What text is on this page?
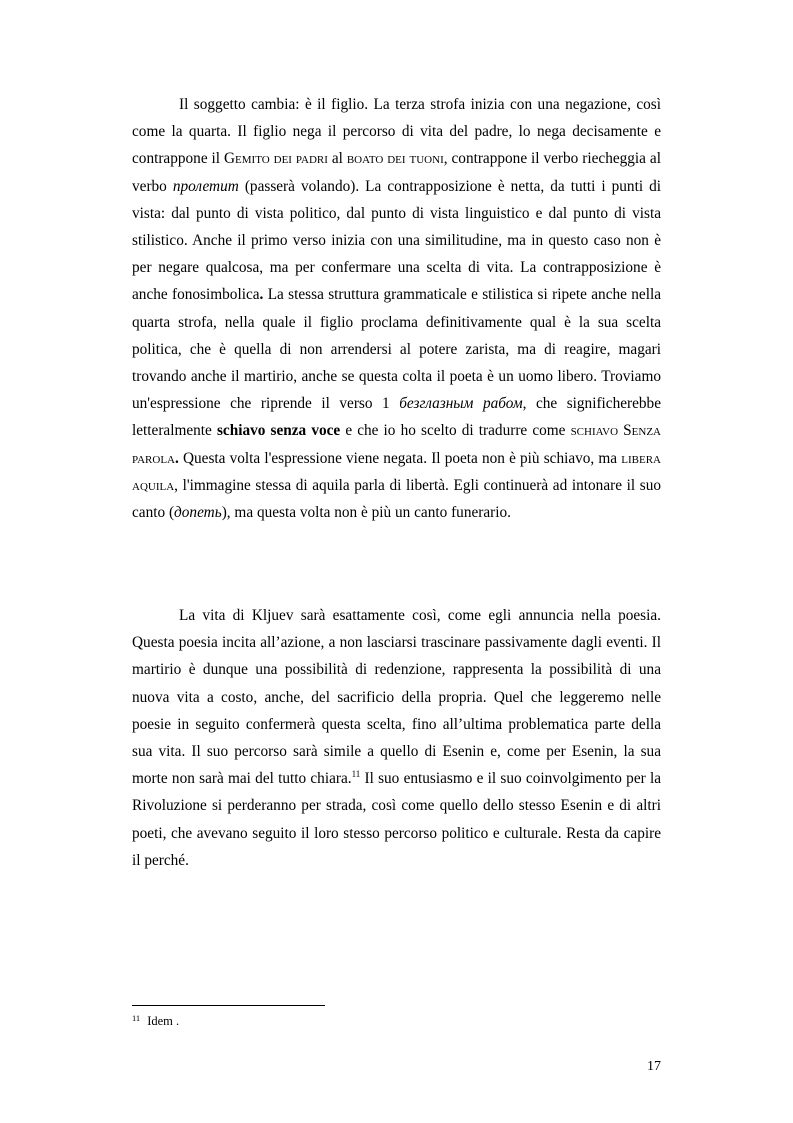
Il soggetto cambia: è il figlio. La terza strofa inizia con una negazione, così come la quarta. Il figlio nega il percorso di vita del padre, lo nega decisamente e contrappone il Gemito dei padri al boato dei tuoni, contrappone il verbo riecheggia al verbo пролетит (passerà volando). La contrapposizione è netta, da tutti i punti di vista: dal punto di vista politico, dal punto di vista linguistico e dal punto di vista stilistico. Anche il primo verso inizia con una similitudine, ma in questo caso non è per negare qualcosa, ma per confermare una scelta di vita. La contrapposizione è anche fonosimbolica. La stessa struttura grammaticale e stilistica si ripete anche nella quarta strofa, nella quale il figlio proclama definitivamente qual è la sua scelta politica, che è quella di non arrendersi al potere zarista, ma di reagire, magari trovando anche il martirio, anche se questa colta il poeta è un uomo libero. Troviamo un'espressione che riprende il verso 1 безглазным рабом, che significherebbe letteralmente schiavo senza voce e che io ho scelto di tradurre come schiavo Senza parola. Questa volta l'espressione viene negata. Il poeta non è più schiavo, ma libera aquila, l'immagine stessa di aquila parla di libertà. Egli continuerà ad intonare il suo canto (допеть), ma questa volta non è più un canto funerario.

La vita di Kljuev sarà esattamente così, come egli annuncia nella poesia. Questa poesia incita all’azione, a non lasciarsi trascinare passivamente dagli eventi. Il martirio è dunque una possibilità di redenzione, rappresenta la possibilità di una nuova vita a costo, anche, del sacrificio della propria. Quel che leggeremo nelle poesie in seguito confermerà questa scelta, fino all’ultima problematica parte della sua vita. Il suo percorso sarà simile a quello di Esenin e, come per Esenin, la sua morte non sarà mai del tutto chiara.$^{11}$ Il suo entusiasmo e il suo coinvolgimento per la Rivoluzione si perderanno per strada, così come quello dello stesso Esenin e di altri poeti, che avevano seguito il loro stesso percorso politico e culturale. Resta da capire il perché.

$^{11}$ Idem .
17
